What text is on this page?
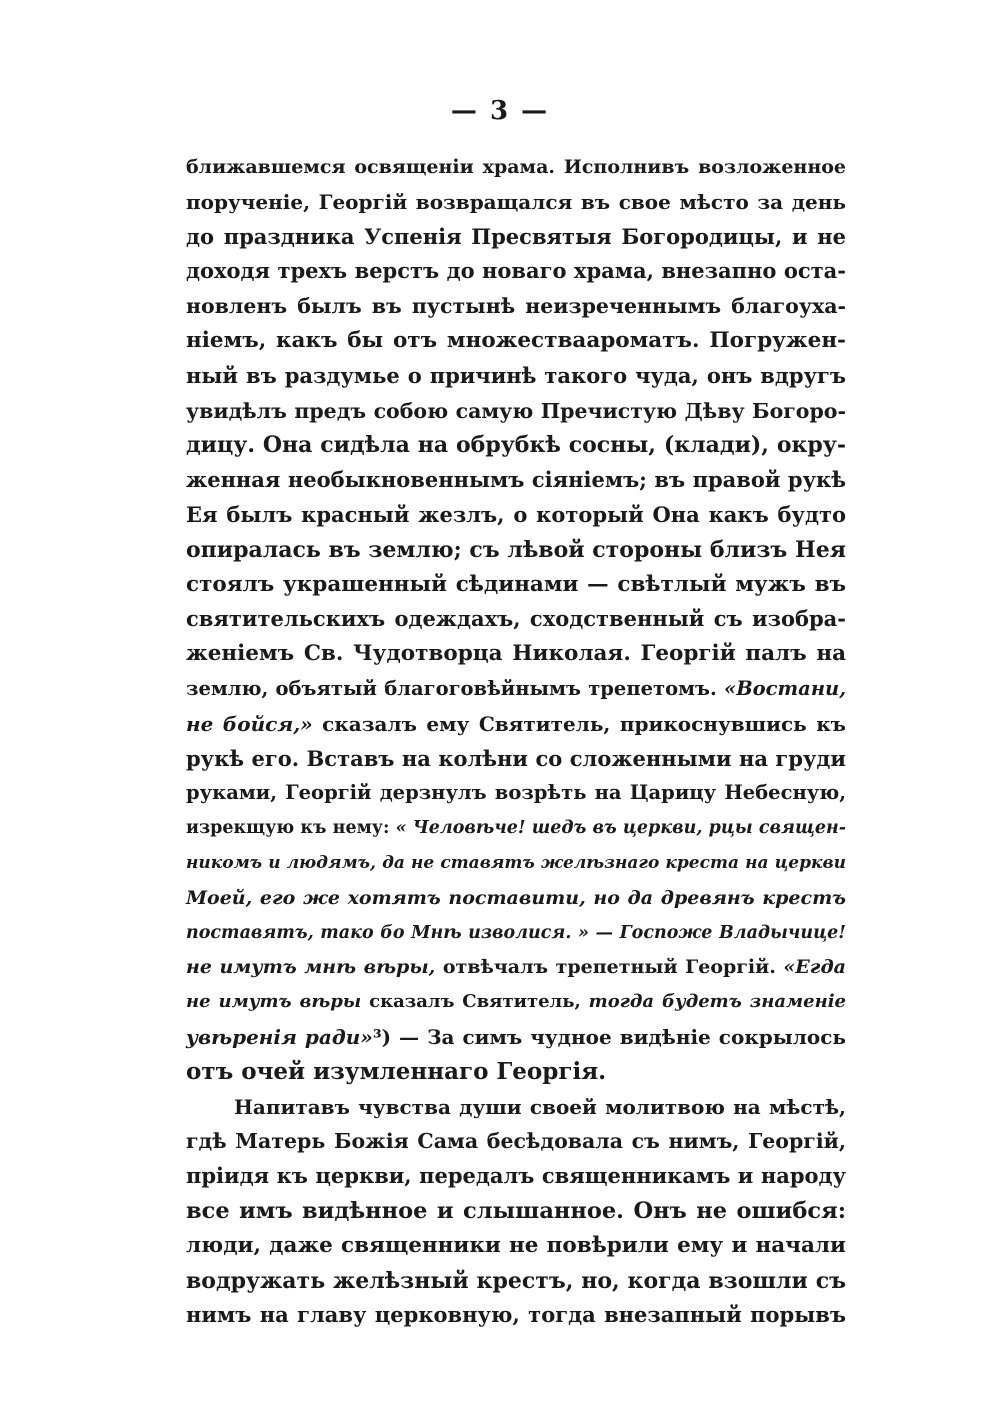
— 3 —
ближавшемся освященіи храма. Исполнивъ возложенное
порученіе, Георгій возвращался въ свое мѣсто за день
до праздника Успенія Пресвятыя Богородицы, и не
доходя трехъ верстъ до новаго храма, внезапно оста-
новленъ былъ въ пустынѣ неизреченнымъ благоуха-
ніемъ, какъ бы отъ множестваароматъ. Погружен-
ный въ раздумье о причинѣ такого чуда, онъ вдругъ
увидѣлъ предъ собою самую Пречистую Дѣву Богоро-
дицу. Она сидѣла на обрубкѣ сосны, (клади), окру-
женная необыкновеннымъ сіяніемъ; въ правой рукѣ
Ея былъ красный жезлъ, о который Она какъ будто
опиралась въ землю; съ лѣвой стороны близъ Нея
стоялъ украшенный сѣдинами — свѣтлый мужъ въ
святительскихъ одеждахъ, сходственный съ изобра-
женіемъ Св. Чудотворца Николая. Георгій палъ на
землю, объятый благоговѣйнымъ трепетомъ. «Востани,
не бойся,» сказалъ ему Святитель, прикоснувшись къ
рукѣ его. Вставъ на колѣни со сложенными на груди
руками, Георгій дерзнулъ возрѣть на Царицу Небесную,
изрекщую къ нему: « Человѣче! шедъ въ церкви, рцы священ-
никомъ и людямъ, да не ставятъ желѣзнаго креста на церкви
Моей, его же хотятъ поставити, но да древянъ крестъ
поставятъ, тако бо Мнѣ изволися. » — Госпоже Владычице!
не имутъ мнѣ вѣры, отвѣчалъ трепетный Георгій. «Егда
не имутъ вѣры сказалъ Святитель, тогда будетъ знаменіе
увѣренія ради»³) — За симъ чудное видѣніе сокрылось
отъ очей изумленнаго Георгія.
Напитавъ чувства души своей молитвою на мѣстѣ,
гдѣ Матерь Божія Сама бесѣдовала съ нимъ, Георгій,
пріидя къ церкви, передалъ священникамъ и народу
все имъ видѣнное и слышанное. Онъ не ошибся:
люди, даже священники не повѣрили ему и начали
водружать желѣзный крестъ, но, когда взошли съ
нимъ на главу церковную, тогда внезапный порывъ
